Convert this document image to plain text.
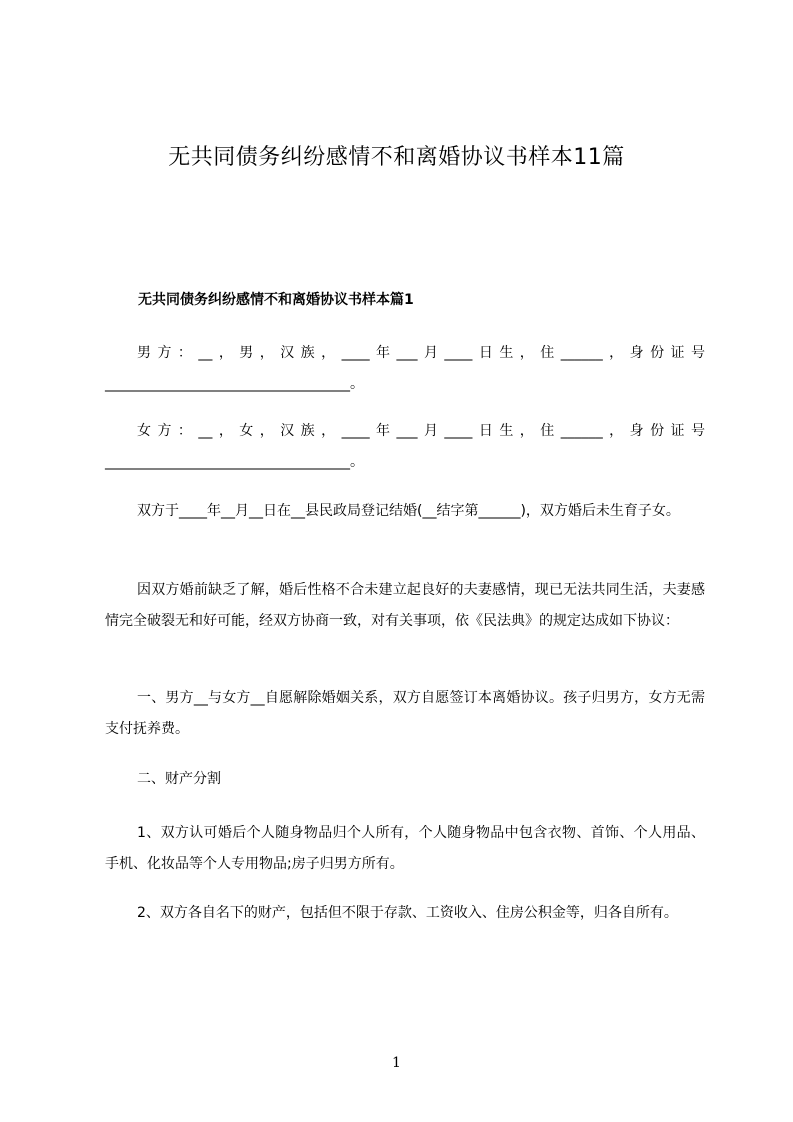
无共同债务纠纷感情不和离婚协议书样本11篇
无共同债务纠纷感情不和离婚协议书样本篇1

男方：__，男，汉族，____年___月____日生，住______，身份证号___________________________________。

女方：__，女，汉族，____年___月____日生，住______，身份证号___________________________________。

双方于____年__月__日在__县民政局登记结婚(__结字第______)，双方婚后未生育子女。

因双方婚前缺乏了解，婚后性格不合未建立起良好的夫妻感情，现已无法共同生活，夫妻感情完全破裂无和好可能，经双方协商一致，对有关事项，依《民法典》的规定达成如下协议：

一、男方__与女方__自愿解除婚姻关系，双方自愿签订本离婚协议。孩子归男方，女方无需支付抚养费。

二、财产分割

1、双方认可婚后个人随身物品归个人所有，个人随身物品中包含衣物、首饰、个人用品、手机、化妆品等个人专用物品;房子归男方所有。

2、双方各自名下的财产，包括但不限于存款、工资收入、住房公积金等，归各自所有。

1
